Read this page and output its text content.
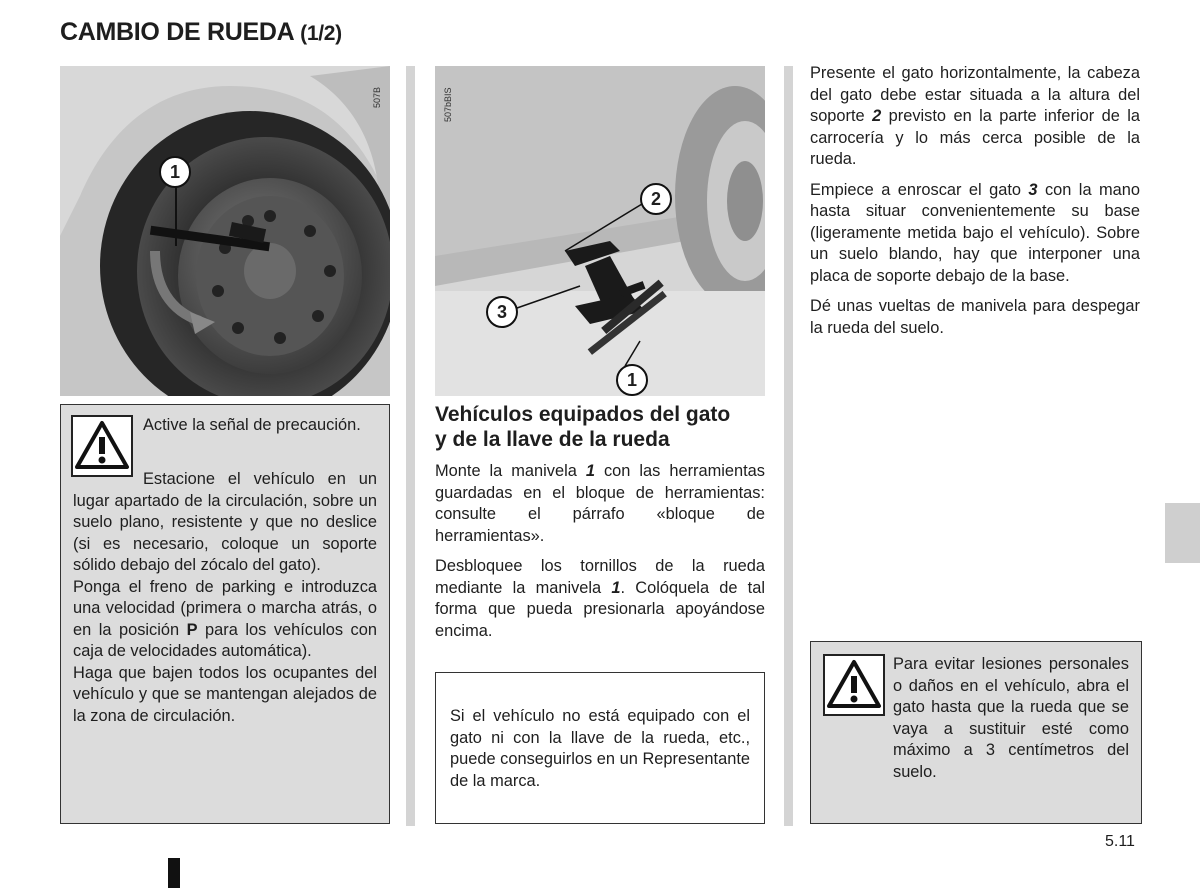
CAMBIO DE RUEDA (1/2)
1
507B
2
3
1
507bBIS

Active la señal de precaución.

Estacione el vehículo en un lugar apartado de la circulación, sobre un suelo plano, resistente y que no deslice (si es necesario, coloque un soporte sólido debajo del zócalo del gato).

Ponga el freno de parking e introduzca una velocidad (primera o marcha atrás, o en la posición P para los vehículos con caja de velocidades automática).

Haga que bajen todos los ocupantes del vehículo y que se mantengan alejados de la zona de circulación.

Vehículos equipados del gato
y de la llave de la rueda

Monte la manivela 1 con las herramientas guardadas en el bloque de herramientas: consulte el párrafo «bloque de herramientas».

Desbloquee los tornillos de la rueda mediante la manivela 1. Colóquela de tal forma que pueda presionarla apoyándose encima.

Si el vehículo no está equipado con el gato ni con la llave de la rueda, etc., puede conseguirlos en un Representante de la marca.

Presente el gato horizontalmente, la cabeza del gato debe estar situada a la altura del soporte 2 previsto en la parte inferior de la carrocería y lo más cerca posible de la rueda.

Empiece a enroscar el gato 3 con la mano hasta situar convenientemente su base (ligeramente metida bajo el vehículo). Sobre un suelo blando, hay que interponer una placa de soporte debajo de la base.

Dé unas vueltas de manivela para despegar la rueda del suelo.

Para evitar lesiones personales o daños en el vehículo, abra el gato hasta que la rueda que se vaya a sustituir esté como máximo a 3 centímetros del suelo.
5.11
